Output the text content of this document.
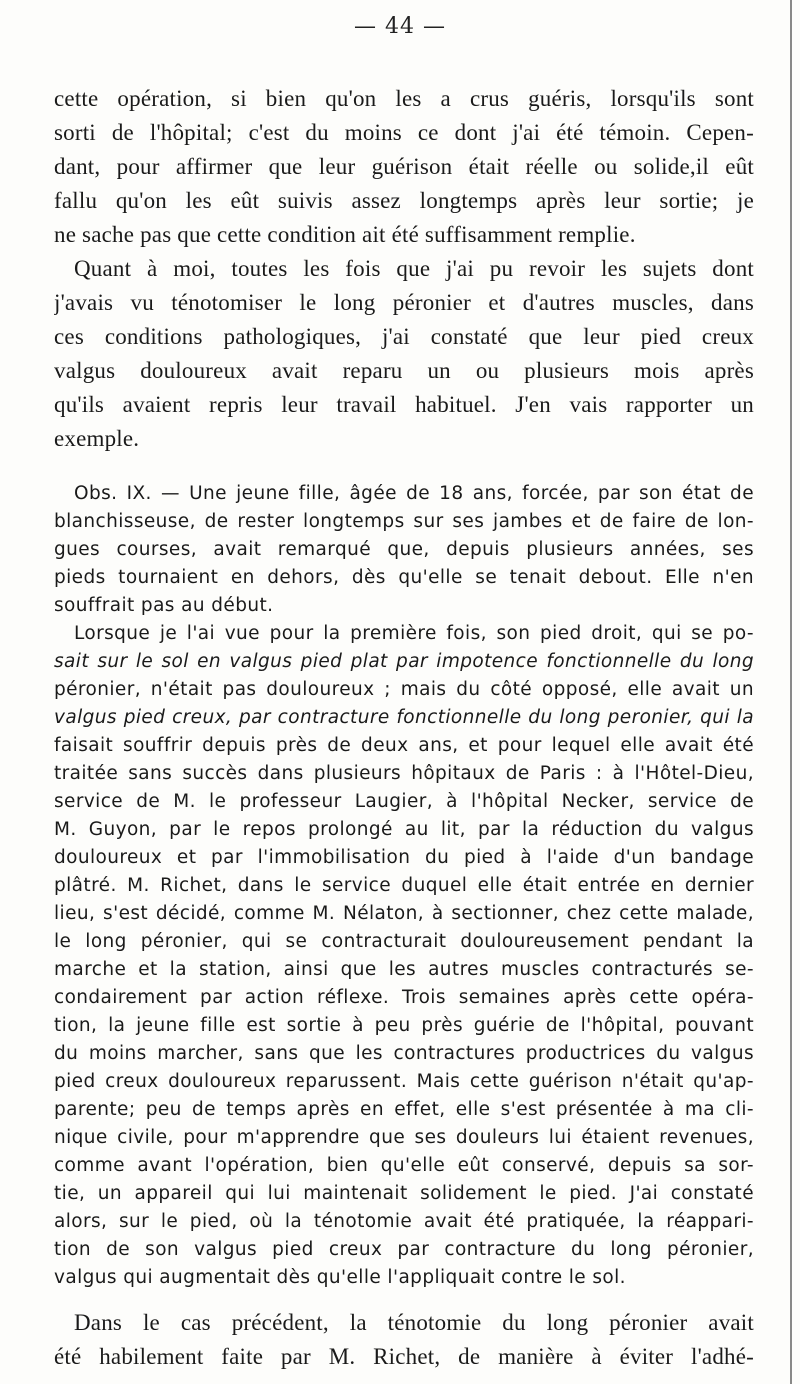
— 44 —
cette opération, si bien qu'on les a crus guéris, lorsqu'ils sont
sorti de l'hôpital; c'est du moins ce dont j'ai été témoin. Cepen-
dant, pour affirmer que leur guérison était réelle ou solide,il eût
fallu qu'on les eût suivis assez longtemps après leur sortie; je
ne sache pas que cette condition ait été suffisamment remplie.
Quant à moi, toutes les fois que j'ai pu revoir les sujets dont
j'avais vu ténotomiser le long péronier et d'autres muscles, dans
ces conditions pathologiques, j'ai constaté que leur pied creux
valgus douloureux avait reparu un ou plusieurs mois après
qu'ils avaient repris leur travail habituel. J'en vais rapporter un
exemple.
Obs. IX. — Une jeune fille, âgée de 18 ans, forcée, par son état de
blanchisseuse, de rester longtemps sur ses jambes et de faire de lon-
gues courses, avait remarqué que, depuis plusieurs années, ses
pieds tournaient en dehors, dès qu'elle se tenait debout. Elle n'en
souffrait pas au début.
Lorsque je l'ai vue pour la première fois, son pied droit, qui se po-
sait sur le sol en valgus pied plat par impotence fonctionnelle du long
péronier, n'était pas douloureux ; mais du côté opposé, elle avait un
valgus pied creux, par contracture fonctionnelle du long peronier, qui la
faisait souffrir depuis près de deux ans, et pour lequel elle avait été
traitée sans succès dans plusieurs hôpitaux de Paris : à l'Hôtel-Dieu,
service de M. le professeur Laugier, à l'hôpital Necker, service de
M. Guyon, par le repos prolongé au lit, par la réduction du valgus
douloureux et par l'immobilisation du pied à l'aide d'un bandage
plâtré. M. Richet, dans le service duquel elle était entrée en dernier
lieu, s'est décidé, comme M. Nélaton, à sectionner, chez cette malade,
le long péronier, qui se contracturait douloureusement pendant la
marche et la station, ainsi que les autres muscles contracturés se-
condairement par action réflexe. Trois semaines après cette opéra-
tion, la jeune fille est sortie à peu près guérie de l'hôpital, pouvant
du moins marcher, sans que les contractures productrices du valgus
pied creux douloureux reparussent. Mais cette guérison n'était qu'ap-
parente; peu de temps après en effet, elle s'est présentée à ma cli-
nique civile, pour m'apprendre que ses douleurs lui étaient revenues,
comme avant l'opération, bien qu'elle eût conservé, depuis sa sor-
tie, un appareil qui lui maintenait solidement le pied. J'ai constaté
alors, sur le pied, où la ténotomie avait été pratiquée, la réappari-
tion de son valgus pied creux par contracture du long péronier,
valgus qui augmentait dès qu'elle l'appliquait contre le sol.
Dans le cas précédent, la ténotomie du long péronier avait
été habilement faite par M. Richet, de manière à éviter l'adhé-
